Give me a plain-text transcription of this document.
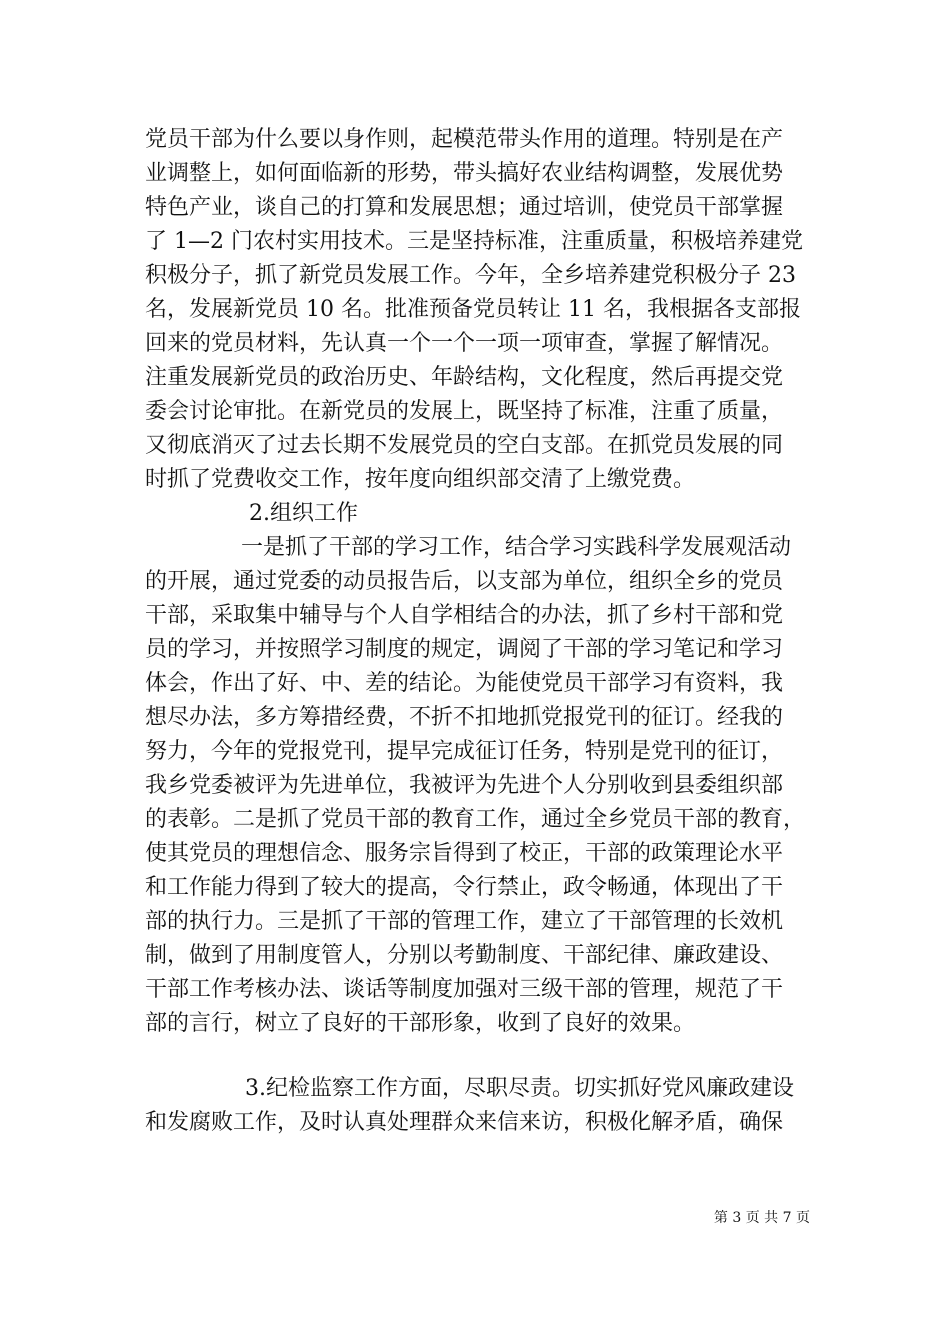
党员干部为什么要以身作则，起模范带头作用的道理。特别是在产
业调整上，如何面临新的形势，带头搞好农业结构调整，发展优势
特色产业，谈自己的打算和发展思想；通过培训，使党员干部掌握
了 1—2 门农村实用技术。三是坚持标准，注重质量，积极培养建党
积极分子，抓了新党员发展工作。今年，全乡培养建党积极分子 23
名，发展新党员 10 名。批准预备党员转让 11 名，我根据各支部报
回来的党员材料，先认真一个一个一项一项审查，掌握了解情况。
注重发展新党员的政治历史、年龄结构，文化程度，然后再提交党
委会讨论审批。在新党员的发展上，既坚持了标准，注重了质量，
又彻底消灭了过去长期不发展党员的空白支部。在抓党员发展的同
时抓了党费收交工作，按年度向组织部交清了上缴党费。
2.组织工作
一是抓了干部的学习工作，结合学习实践科学发展观活动
的开展，通过党委的动员报告后，以支部为单位，组织全乡的党员
干部，采取集中辅导与个人自学相结合的办法，抓了乡村干部和党
员的学习，并按照学习制度的规定，调阅了干部的学习笔记和学习
体会，作出了好、中、差的结论。为能使党员干部学习有资料，我
想尽办法，多方筹措经费，不折不扣地抓党报党刊的征订。经我的
努力，今年的党报党刊，提早完成征订任务，特别是党刊的征订，
我乡党委被评为先进单位，我被评为先进个人分别收到县委组织部
的表彰。二是抓了党员干部的教育工作，通过全乡党员干部的教育，
使其党员的理想信念、服务宗旨得到了校正，干部的政策理论水平
和工作能力得到了较大的提高，令行禁止，政令畅通，体现出了干
部的执行力。三是抓了干部的管理工作，建立了干部管理的长效机
制，做到了用制度管人，分别以考勤制度、干部纪律、廉政建设、
干部工作考核办法、谈话等制度加强对三级干部的管理，规范了干
部的言行，树立了良好的干部形象，收到了良好的效果。
3.纪检监察工作方面，尽职尽责。切实抓好党风廉政建设
和发腐败工作，及时认真处理群众来信来访，积极化解矛盾，确保
第 3 页 共 7 页
